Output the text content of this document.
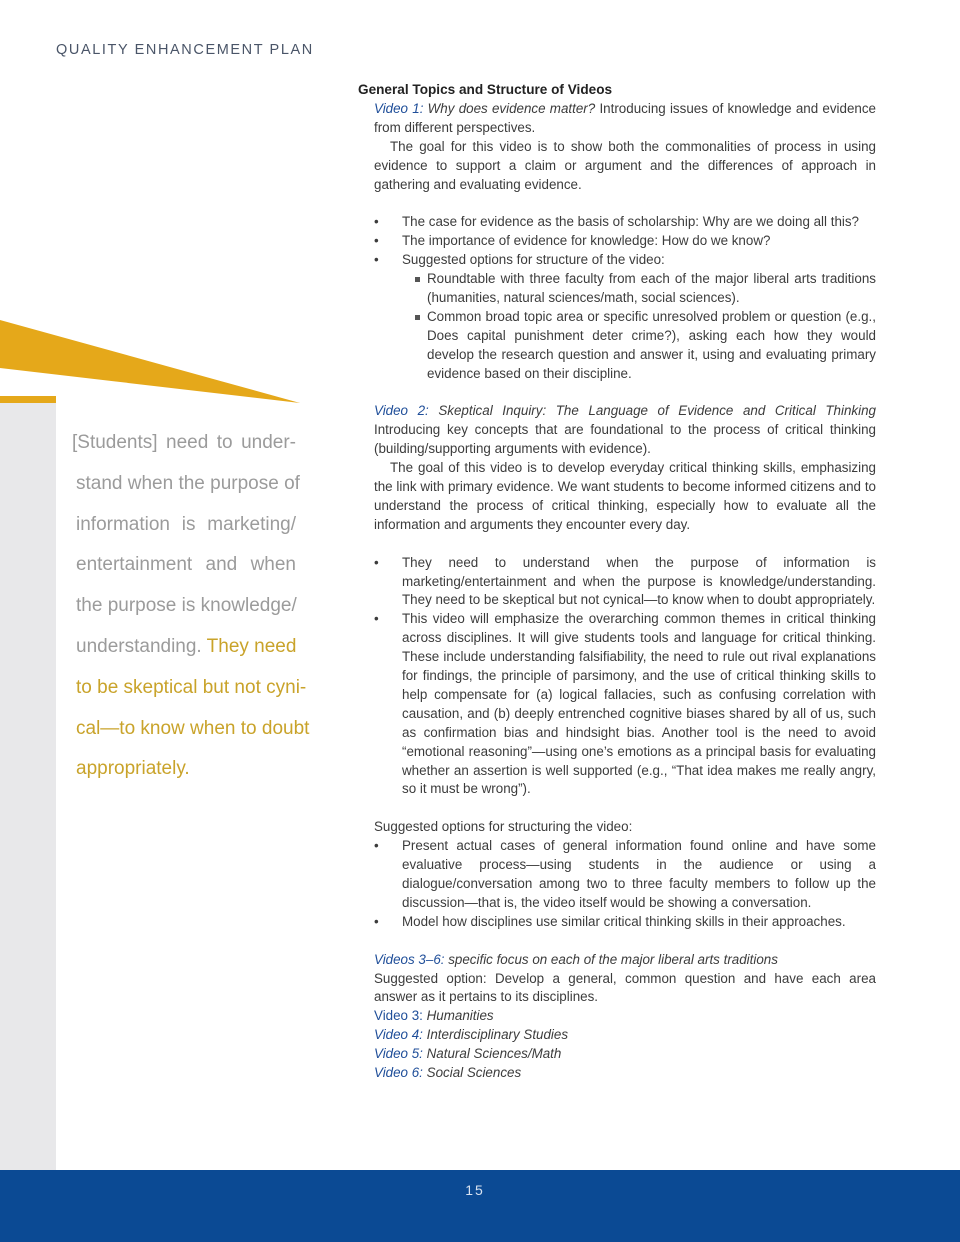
QUALITY ENHANCEMENT PLAN
[Students] need to under-
stand when the purpose of
information is marketing/
entertainment and when
the purpose is knowledge/
understanding. They need
to be skeptical but not cyni-
cal—to know when to doubt
appropriately.

General Topics and Structure of Videos

Video 1: Why does evidence matter? Introducing issues of knowledge and evidence from different perspectives.

The goal for this video is to show both the commonalities of process in using evidence to support a claim or argument and the differences of approach in gathering and evaluating evidence.

• The case for evidence as the basis of scholarship: Why are we doing all this?
• The importance of evidence for knowledge: How do we know?
• Suggested options for structure of the video:
Roundtable with three faculty from each of the major liberal arts traditions (humanities, natural sciences/math, social sciences).
Common broad topic area or specific unresolved problem or question (e.g., Does capital punishment deter crime?), asking each how they would develop the research question and answer it, using and evaluating primary evidence based on their discipline.

Video 2: Skeptical Inquiry: The Language of Evidence and Critical Thinking Introducing key concepts that are foundational to the process of critical thinking (building/supporting arguments with evidence).

The goal of this video is to develop everyday critical thinking skills, emphasizing the link with primary evidence. We want students to become informed citizens and to understand the process of critical thinking, especially how to evaluate all the information and arguments they encounter every day.

• They need to understand when the purpose of information is marketing/entertainment and when the purpose is knowledge/understanding. They need to be skeptical but not cynical—to know when to doubt appropriately.
• This video will emphasize the overarching common themes in critical thinking across disciplines. It will give students tools and language for critical thinking. These include understanding falsifiability, the need to rule out rival explanations for findings, the principle of parsimony, and the use of critical thinking skills to help compensate for (a) logical fallacies, such as confusing correlation with causation, and (b) deeply entrenched cognitive biases shared by all of us, such as confirmation bias and hindsight bias. Another tool is the need to avoid “emotional reasoning”—using one’s emotions as a principal basis for evaluating whether an assertion is well supported (e.g., “That idea makes me really angry, so it must be wrong”).

Suggested options for structuring the video:

• Present actual cases of general information found online and have some evaluative process—using students in the audience or using a dialogue/conversation among two to three faculty members to follow up the discussion—that is, the video itself would be showing a conversation.
• Model how disciplines use similar critical thinking skills in their approaches.

Videos 3–6: specific focus on each of the major liberal arts traditions

Suggested option: Develop a general, common question and have each area answer as it pertains to its disciplines.

Video 3: Humanities

Video 4: Interdisciplinary Studies

Video 5: Natural Sciences/Math

Video 6: Social Sciences

15
